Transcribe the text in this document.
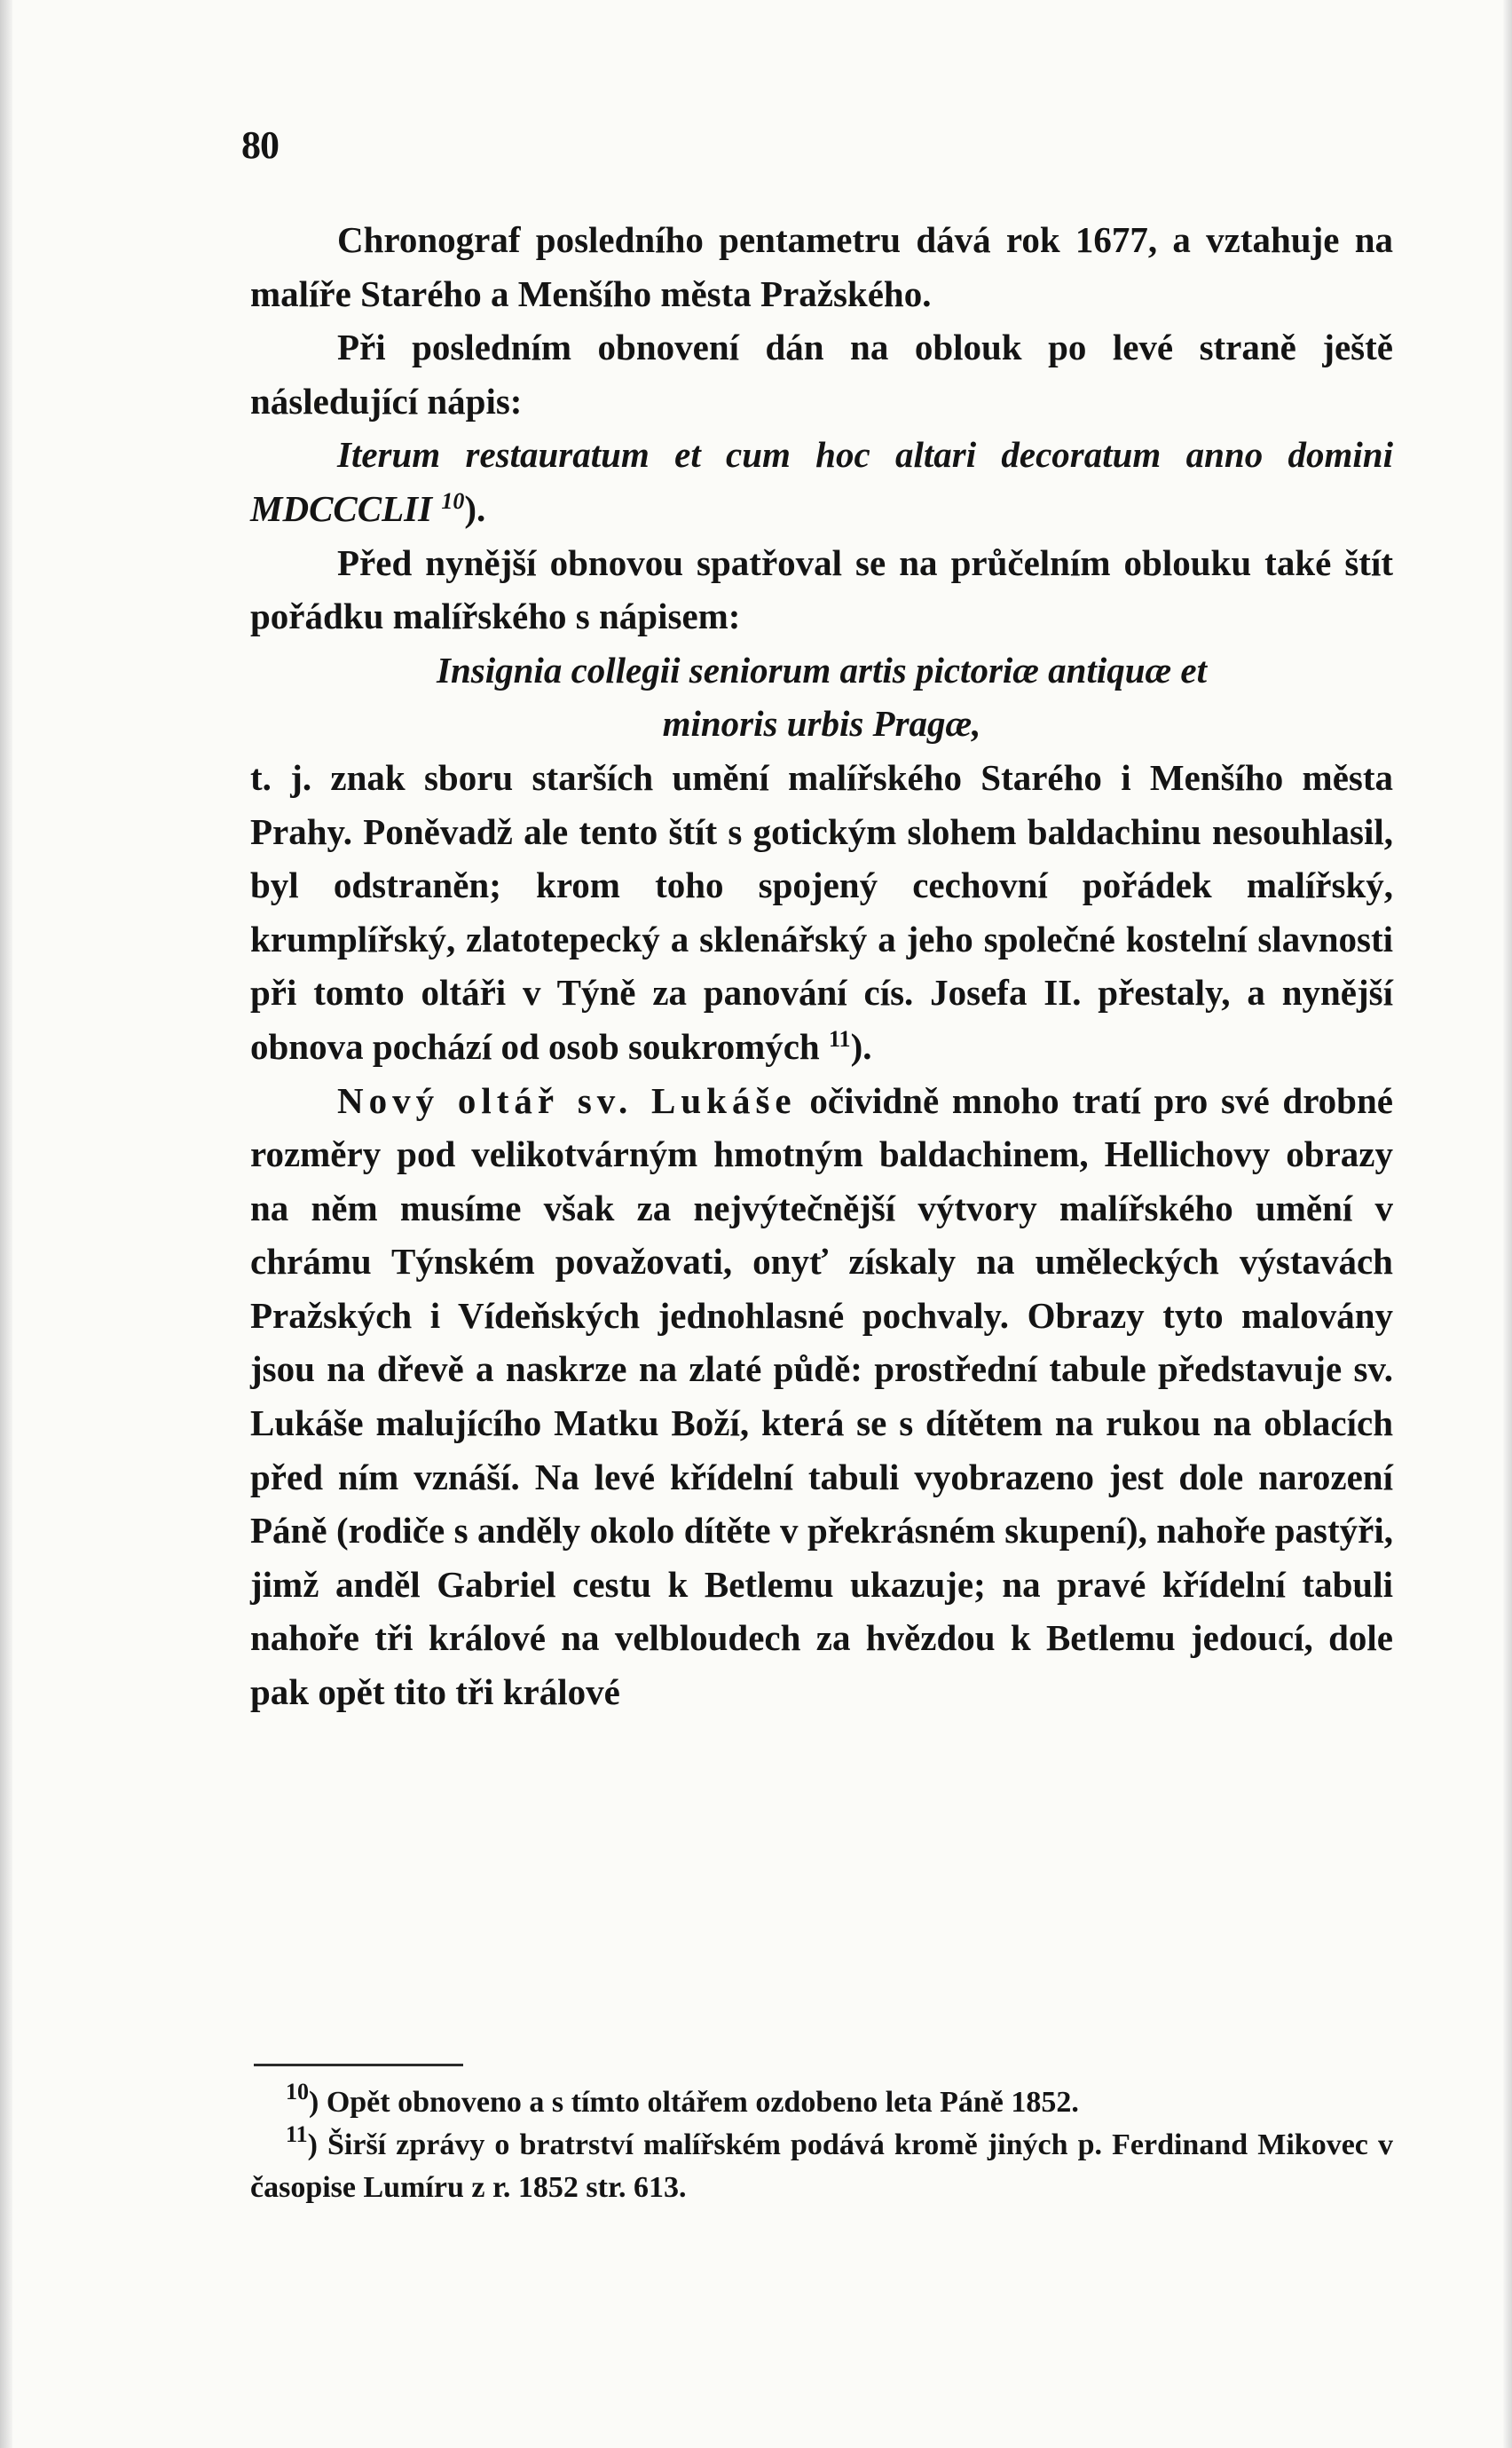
80

Chronograf posledního pentametru dává rok 1677, a vztahuje na malíře Starého a Menšího města Pražského.

Při posledním obnovení dán na oblouk po levé straně ještě následující nápis:

Iterum restauratum et cum hoc altari decoratum anno domini MDCCCLII $^{10}$).

Před nynější obnovou spatřoval se na průčelním oblouku také štít pořádku malířského s nápisem:

Insignia collegii seniorum artis pictoriæ antiquæ et

minoris urbis Pragæ,

t. j. znak sboru starších umění malířského Starého i Menšího města Prahy. Poněvadž ale tento štít s gotickým slohem baldachinu nesouhlasil, byl odstraněn; krom toho spojený cechovní pořádek malířský, krumplířský, zlatotepecký a sklenářský a jeho společné kostelní slavnosti při tomto oltáři v Týně za panování cís. Josefa II. přestaly, a nynější obnova pochází od osob soukromých $^{11}$).

Nový oltář sv. Lukáše očividně mnoho tratí pro své drobné rozměry pod velikotvárným hmotným baldachinem, Hellichovy obrazy na něm musíme však za nejvýtečnější výtvory malířského umění v chrámu Týnském považovati, onyť získaly na uměleckých výstavách Pražských i Vídeňských jednohlasné pochvaly. Obrazy tyto malovány jsou na dřevě a naskrze na zlaté půdě: prostřední tabule představuje sv. Lukáše malujícího Matku Boží, která se s dítětem na rukou na oblacích před ním vznáší. Na levé křídelní tabuli vyobrazeno jest dole narození Páně (rodiče s anděly okolo dítěte v překrásném skupení), nahoře pastýři, jimž anděl Gabriel cestu k Betlemu ukazuje; na pravé křídelní tabuli nahoře tři králové na velbloudech za hvězdou k Betlemu jedoucí, dole pak opět tito tři králové

$^{10}$) Opět obnoveno a s tímto oltářem ozdobeno leta Páně 1852.

$^{11}$) Širší zprávy o bratrství malířském podává kromě jiných p. Ferdinand Mikovec v časopise Lumíru z r. 1852 str. 613.
